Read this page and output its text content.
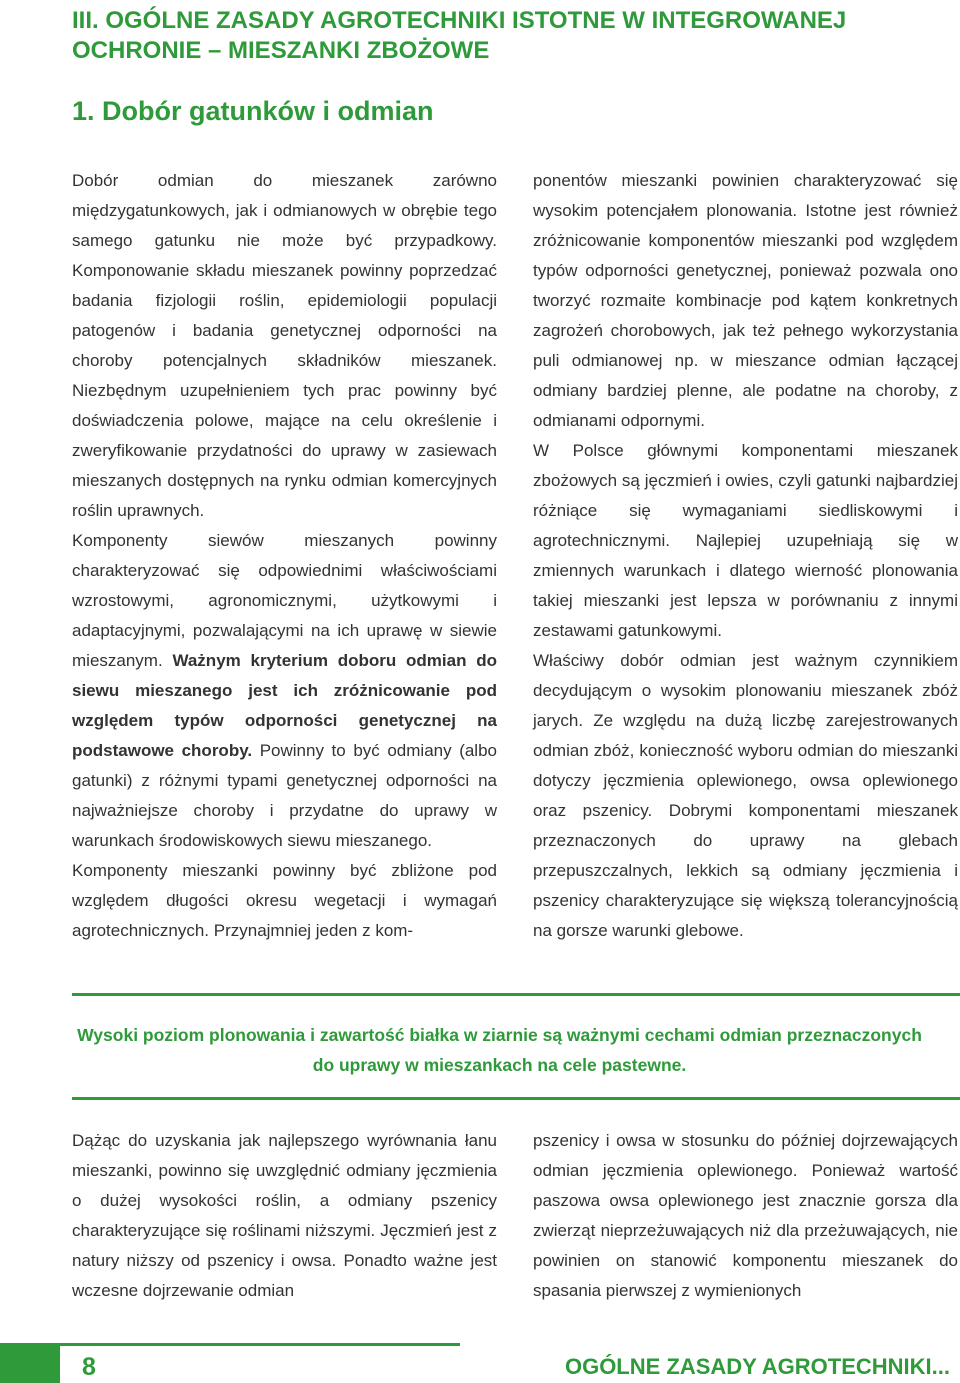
III. OGÓLNE ZASADY AGROTECHNIKI ISTOTNE W INTEGROWANEJ OCHRONIE – MIESZANKI ZBOŻOWE
1. Dobór gatunków i odmian

Dobór odmian do mieszanek zarówno międzygatunkowych, jak i odmianowych w obrębie tego samego gatunku nie może być przypadkowy. Komponowanie składu mieszanek powinny poprzedzać badania fizjologii roślin, epidemiologii populacji patogenów i badania genetycznej odporności na choroby potencjalnych składników mieszanek. Niezbędnym uzupełnieniem tych prac powinny być doświadczenia polowe, mające na celu określenie i zweryfikowanie przydatności do uprawy w zasiewach mieszanych dostępnych na rynku odmian komercyjnych roślin uprawnych.

Komponenty siewów mieszanych powinny charakteryzować się odpowiednimi właściwościami wzrostowymi, agronomicznymi, użytkowymi i adaptacyjnymi, pozwalającymi na ich uprawę w siewie mieszanym. Ważnym kryterium doboru odmian do siewu mieszanego jest ich zróżnicowanie pod względem typów odporności genetycznej na podstawowe choroby. Powinny to być odmiany (albo gatunki) z różnymi typami genetycznej odporności na najważniejsze choroby i przydatne do uprawy w warunkach środowiskowych siewu mieszanego.

Komponenty mieszanki powinny być zbliżone pod względem długości okresu wegetacji i wymagań agrotechnicznych. Przynajmniej jeden z kom-

ponentów mieszanki powinien charakteryzować się wysokim potencjałem plonowania. Istotne jest również zróżnicowanie komponentów mieszanki pod względem typów odporności genetycznej, ponieważ pozwala ono tworzyć rozmaite kombinacje pod kątem konkretnych zagrożeń chorobowych, jak też pełnego wykorzystania puli odmianowej np. w mieszance odmian łączącej odmiany bardziej plenne, ale podatne na choroby, z odmianami odpornymi.

W Polsce głównymi komponentami mieszanek zbożowych są jęczmień i owies, czyli gatunki najbardziej różniące się wymaganiami siedliskowymi i agrotechnicznymi. Najlepiej uzupełniają się w zmiennych warunkach i dlatego wierność plonowania takiej mieszanki jest lepsza w porównaniu z innymi zestawami gatunkowymi.

Właściwy dobór odmian jest ważnym czynnikiem decydującym o wysokim plonowaniu mieszanek zbóż jarych. Ze względu na dużą liczbę zarejestrowanych odmian zbóż, konieczność wyboru odmian do mieszanki dotyczy jęczmienia oplewionego, owsa oplewionego oraz pszenicy. Dobrymi komponentami mieszanek przeznaczonych do uprawy na glebach przepuszczalnych, lekkich są odmiany jęczmienia i pszenicy charakteryzujące się większą tolerancyjnością na gorsze warunki glebowe.

Wysoki poziom plonowania i zawartość białka w ziarnie są ważnymi cechami odmian przeznaczonych do uprawy w mieszankach na cele pastewne.

Dążąc do uzyskania jak najlepszego wyrównania łanu mieszanki, powinno się uwzględnić odmiany jęczmienia o dużej wysokości roślin, a odmiany pszenicy charakteryzujące się roślinami niższymi. Jęczmień jest z natury niższy od pszenicy i owsa. Ponadto ważne jest wczesne dojrzewanie odmian

pszenicy i owsa w stosunku do później dojrzewających odmian jęczmienia oplewionego. Ponieważ wartość paszowa owsa oplewionego jest znacznie gorsza dla zwierząt nieprzeżuwających niż dla przeżuwających, nie powinien on stanowić komponentu mieszanek do spasania pierwszej z wymienionych

8	OGÓLNE ZASADY AGROTECHNIKI...
